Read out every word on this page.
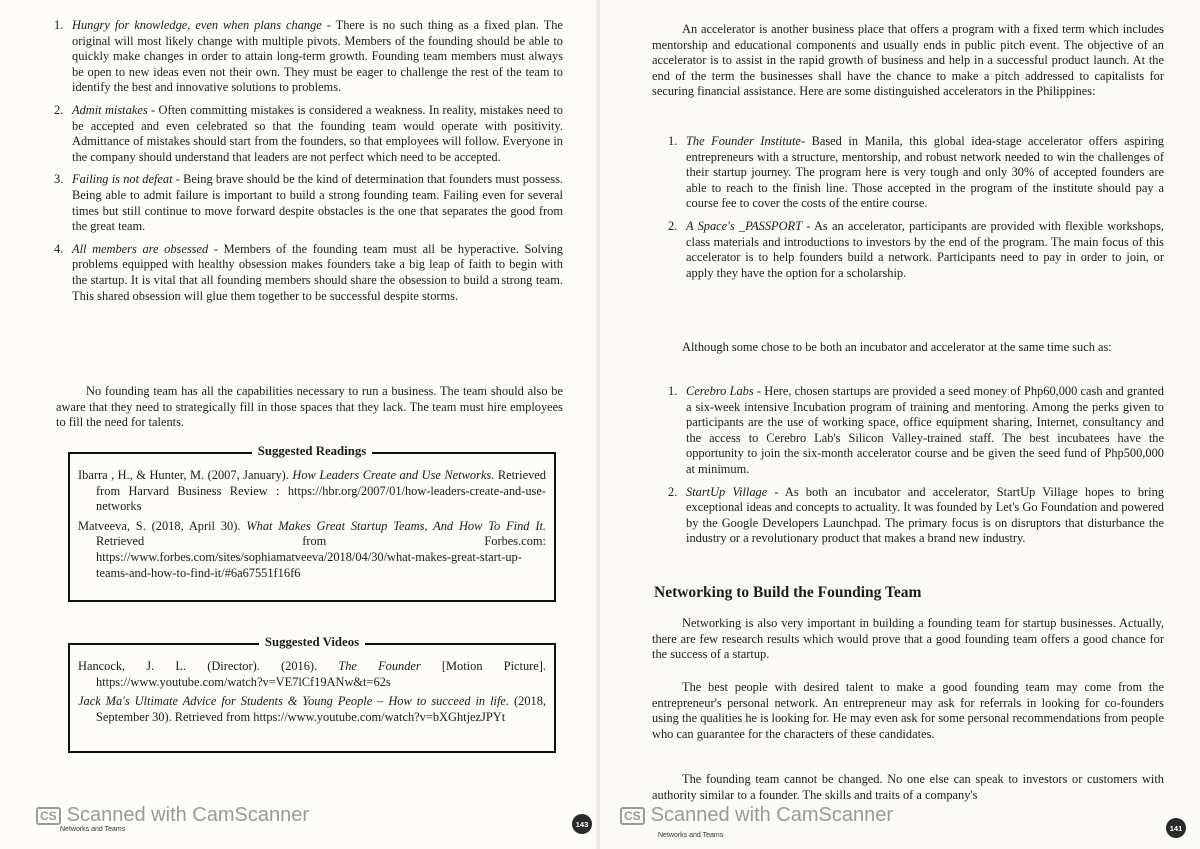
1. Hungry for knowledge, even when plans change - There is no such thing as a fixed plan. The original will most likely change with multiple pivots. Members of the founding should be able to quickly make changes in order to attain long-term growth. Founding team members must always be open to new ideas even not their own. They must be eager to challenge the rest of the team to identify the best and innovative solutions to problems.
2. Admit mistakes - Often committing mistakes is considered a weakness. In reality, mistakes need to be accepted and even celebrated so that the founding team would operate with positivity. Admittance of mistakes should start from the founders, so that employees will follow. Everyone in the company should understand that leaders are not perfect which need to be accepted.
3. Failing is not defeat - Being brave should be the kind of determination that founders must possess. Being able to admit failure is important to build a strong founding team. Failing even for several times but still continue to move forward despite obstacles is the one that separates the good from the great team.
4. All members are obsessed - Members of the founding team must all be hyperactive. Solving problems equipped with healthy obsession makes founders take a big leap of faith to begin with the startup. It is vital that all founding members should share the obsession to build a strong team. This shared obsession will glue them together to be successful despite storms.

No founding team has all the capabilities necessary to run a business. The team should also be aware that they need to strategically fill in those spaces that they lack. The team must hire employees to fill the need for talents.

Suggested Readings

Ibarra , H., & Hunter, M. (2007, January). How Leaders Create and Use Networks. Retrieved from Harvard Business Review : https://hbr.org/2007/01/how-leaders-create-and-use-networks

Matveeva, S. (2018, April 30). What Makes Great Startup Teams, And How To Find It. Retrieved from Forbes.com: https://www.forbes.com/sites/sophiamatveeva/2018/04/30/what-makes-great-start-up-teams-and-how-to-find-it/#6a67551f16f6

Suggested Videos

Hancock, J. L. (Director). (2016). The Founder [Motion Picture]. https://www.youtube.com/watch?v=VE7lCf19ANw&t=62s

Jack Ma's Ultimate Advice for Students & Young People – How to succeed in life. (2018, September 30). Retrieved from https://www.youtube.com/watch?v=bXGhtjezJPYt

CS Scanned with CamScanner
Networks and Teams
143

An accelerator is another business place that offers a program with a fixed term which includes mentorship and educational components and usually ends in public pitch event. The objective of an accelerator is to assist in the rapid growth of business and help in a successful product launch. At the end of the term the businesses shall have the chance to make a pitch addressed to capitalists for securing financial assistance. Here are some distinguished accelerators in the Philippines:

1. The Founder Institute- Based in Manila, this global idea-stage accelerator offers aspiring entrepreneurs with a structure, mentorship, and robust network needed to win the challenges of their startup journey. The program here is very tough and only 30% of accepted founders are able to reach to the finish line. Those accepted in the program of the institute should pay a course fee to cover the costs of the entire course.
2. A Space's _PASSPORT - As an accelerator, participants are provided with flexible workshops, class materials and introductions to investors by the end of the program. The main focus of this accelerator is to help founders build a network. Participants need to pay in order to join, or apply they have the option for a scholarship.

Although some chose to be both an incubator and accelerator at the same time such as:

1. Cerebro Labs - Here, chosen startups are provided a seed money of Php60,000 cash and granted a six-week intensive Incubation program of training and mentoring. Among the perks given to participants are the use of working space, office equipment sharing, Internet, consultancy and the access to Cerebro Lab's Silicon Valley-trained staff. The best incubatees have the opportunity to join the six-month accelerator course and be given the seed fund of Php500,000 at minimum.
2. StartUp Village - As both an incubator and accelerator, StartUp Village hopes to bring exceptional ideas and concepts to actuality. It was founded by Let's Go Foundation and powered by the Google Developers Launchpad. The primary focus is on disruptors that disturbance the industry or a revolutionary product that makes a brand new industry.
Networking to Build the Founding Team

Networking is also very important in building a founding team for startup businesses. Actually, there are few research results which would prove that a good founding team offers a good chance for the success of a startup.

The best people with desired talent to make a good founding team may come from the entrepreneur's personal network. An entrepreneur may ask for referrals in looking for co-founders using the qualities he is looking for. He may even ask for some personal recommendations from people who can guarantee for the characters of these candidates.

The founding team cannot be changed. No one else can speak to investors or customers with authority similar to a founder. The skills and traits of a company's

CS Scanned with CamScanner
Networks and Teams
141
